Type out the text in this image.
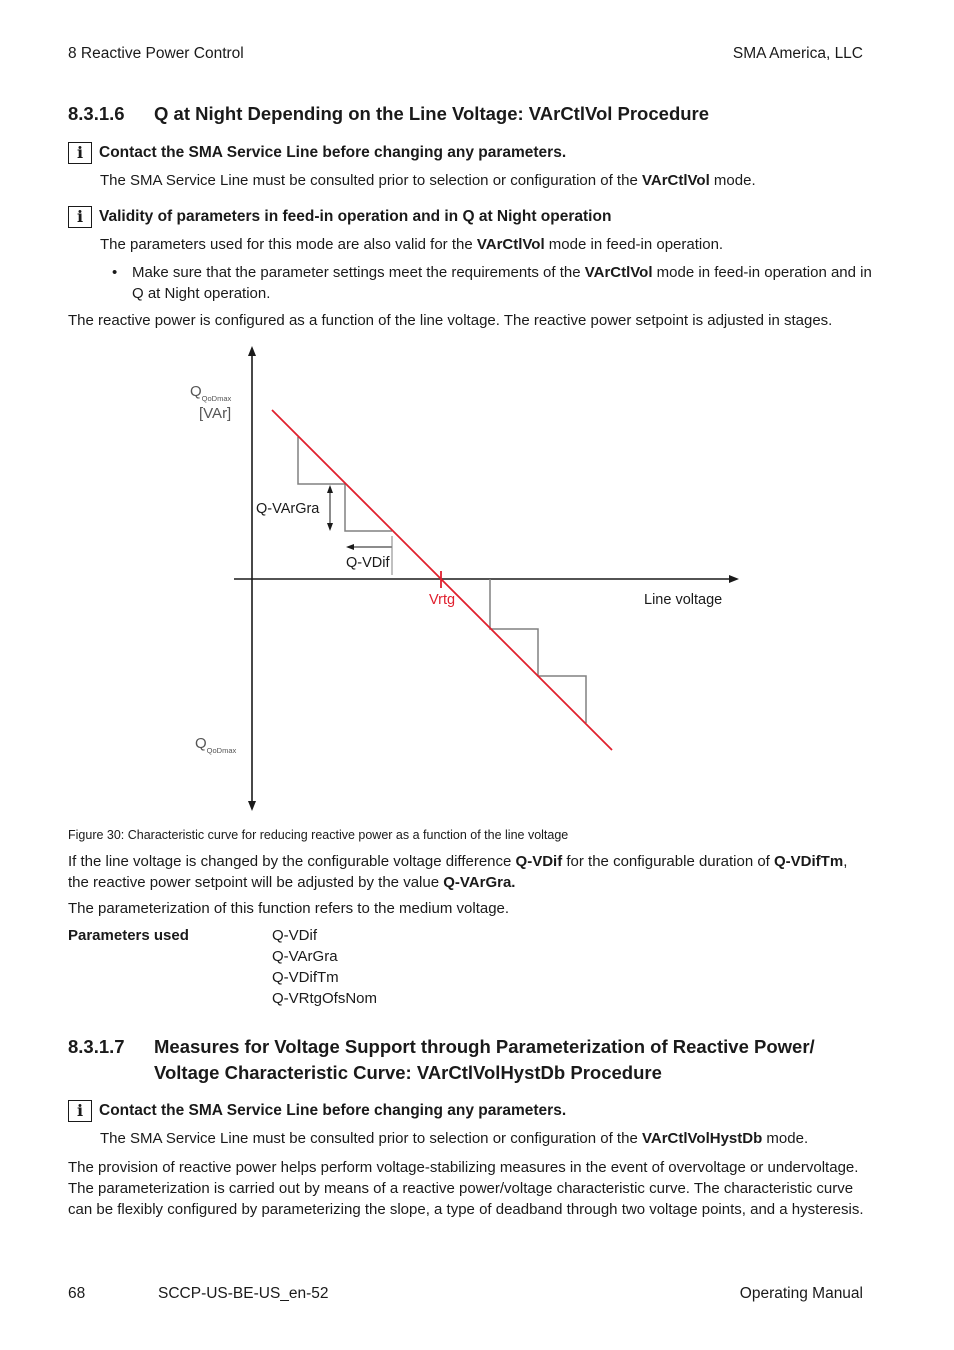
8 Reactive Power Control	SMA America, LLC
8.3.1.6 Q at Night Depending on the Line Voltage: VArCtlVol Procedure
i	Contact the SMA Service Line before changing any parameters.
The SMA Service Line must be consulted prior to selection or configuration of the VArCtlVol mode.
i	Validity of parameters in feed-in operation and in Q at Night operation
The parameters used for this mode are also valid for the VArCtlVol mode in feed-in operation.
• Make sure that the parameter settings meet the requirements of the VArCtlVol mode in feed-in operation and in Q at Night operation.
The reactive power is configured as a function of the line voltage. The reactive power setpoint is adjusted in stages.
$Q_{QoDmax}$
[VAr]
$Q_{QoDmax}$
Q-VArGra
Q-VDif
Vrtg	Line voltage
Figure 30: Characteristic curve for reducing reactive power as a function of the line voltage
If the line voltage is changed by the configurable voltage difference Q-VDif for the configurable duration of Q-VDifTm, the reactive power setpoint will be adjusted by the value Q-VArGra.
The parameterization of this function refers to the medium voltage.
Parameters used	Q-VDif
Q-VArGra
Q-VDifTm
Q-VRtgOfsNom
8.3.1.7 Measures for Voltage Support through Parameterization of Reactive Power/
Voltage Characteristic Curve: VArCtlVolHystDb Procedure
i	Contact the SMA Service Line before changing any parameters.
The SMA Service Line must be consulted prior to selection or configuration of the VArCtlVolHystDb mode.
The provision of reactive power helps perform voltage-stabilizing measures in the event of overvoltage or undervoltage.
The parameterization is carried out by means of a reactive power/voltage characteristic curve. The characteristic curve
can be flexibly configured by parameterizing the slope, a type of deadband through two voltage points, and a hysteresis.
68	SCCP-US-BE-US_en-52	Operating Manual
